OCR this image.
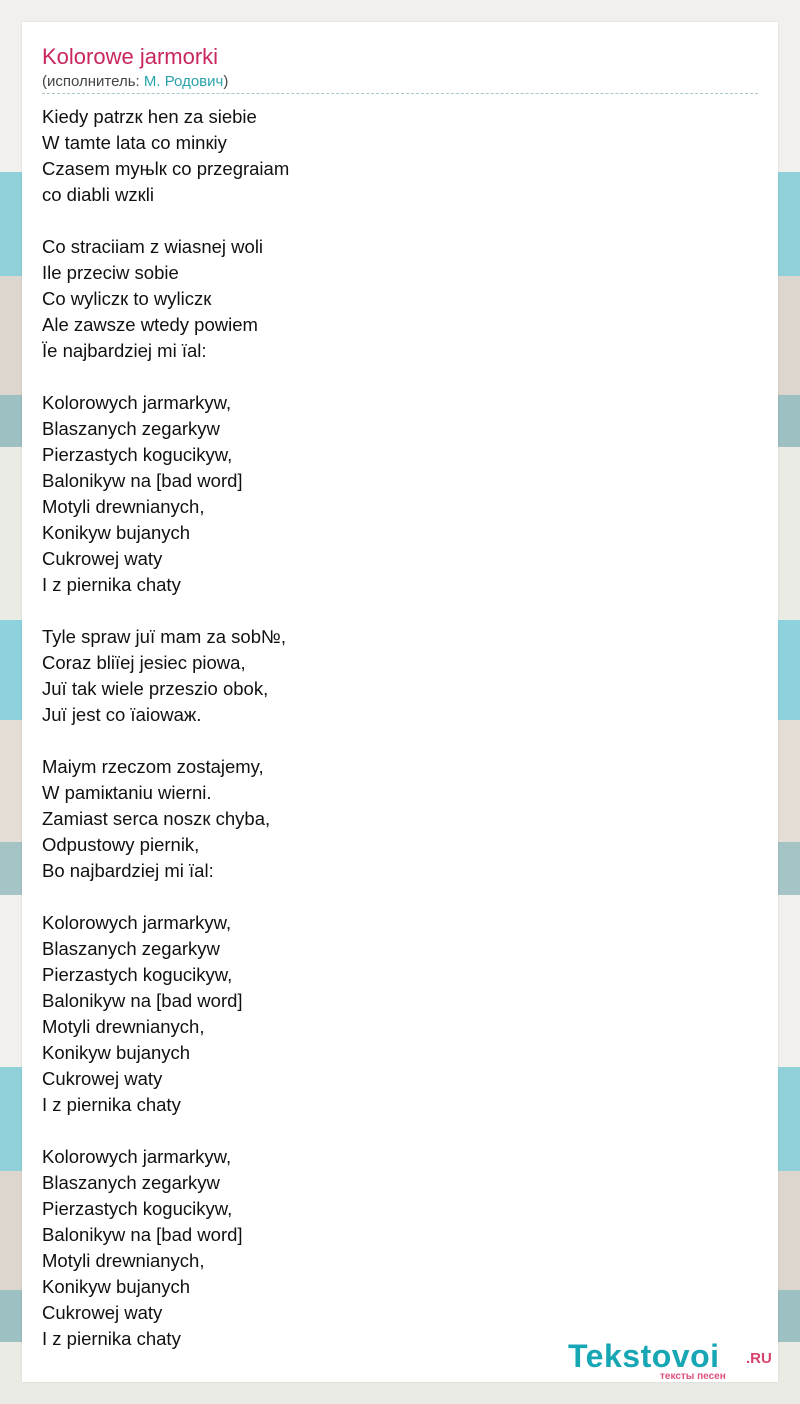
Kolorowe jarmorki
(исполнитель: М. Родович)
Kiedy patrzк hen za siebie
W tamte lata co minкiy
Czasem myњlк co przegraiam
co diabli wzкli
Co straciiam z wiasnej woli
Ile przeciw sobie
Co wyliczк to wyliczк
Ale zawsze wtedy powiem
Їe najbardziej mi їal:
Kolorowych jarmarkyw,
Blaszanych zegarkyw
Pierzastych kogucikyw,
Balonikyw na [bad word]
Motyli drewnianych,
Konikyw bujanych
Cukrowej waty
I z piernika chaty
Tyle spraw juї mam za sob№,
Coraz bliїej jesiec piowa,
Juї tak wiele przeszio obok,
Juї jest co їaiowaж.
Maiym rzeczom zostajemy,
W pamiкtaniu wierni.
Zamiast serca noszк chyba,
Odpustowy piernik,
Bo najbardziej mi їal:
Kolorowych jarmarkyw,
Blaszanych zegarkyw
Pierzastych kogucikyw,
Balonikyw na [bad word]
Motyli drewnianych,
Konikyw bujanych
Cukrowej waty
I z piernika chaty
Kolorowych jarmarkyw,
Blaszanych zegarkyw
Pierzastych kogucikyw,
Balonikyw na [bad word]
Motyli drewnianych,
Konikyw bujanych
Cukrowej waty
I z piernika chaty	Tekstovoi .RU
тексты песен
